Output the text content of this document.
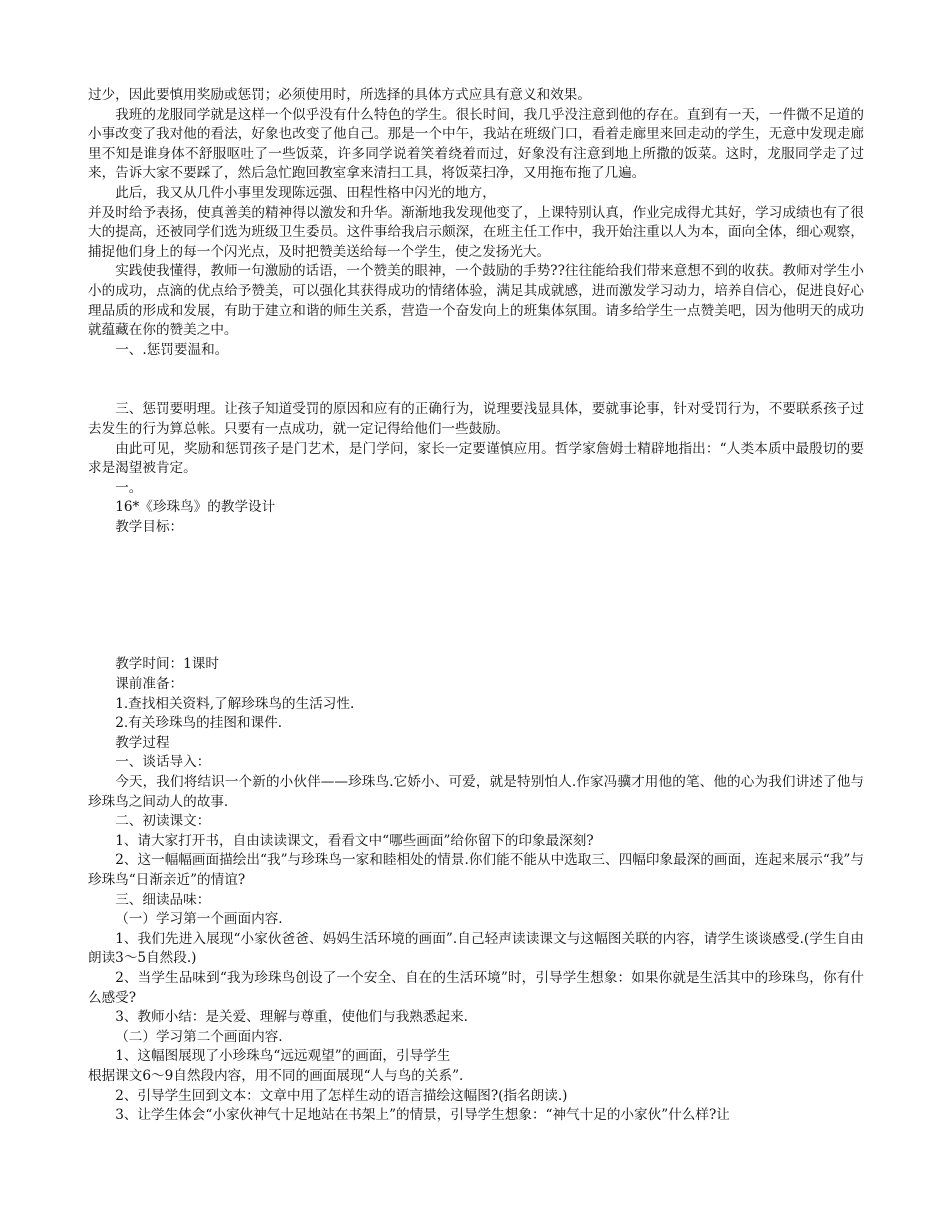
过少，因此要慎用奖励或惩罚；必须使用时，所选择的具体方式应具有意义和效果。

我班的龙服同学就是这样一个似乎没有什么特色的学生。很长时间，我几乎没注意到他的存在。直到有一天，一件微不足道的小事改变了我对他的看法，好象也改变了他自己。那是一个中午，我站在班级门口，看着走廊里来回走动的学生，无意中发现走廊里不知是谁身体不舒服呕吐了一些饭菜，许多同学说着笑着绕着而过，好象没有注意到地上所撒的饭菜。这时，龙服同学走了过来，告诉大家不要踩了，然后急忙跑回教室拿来清扫工具，将饭菜扫净，又用拖布拖了几遍。

此后，我又从几件小事里发现陈远强、田程性格中闪光的地方，

并及时给予表扬，使真善美的精神得以激发和升华。渐渐地我发现他变了，上课特别认真，作业完成得尤其好，学习成绩也有了很大的提高，还被同学们选为班级卫生委员。这件事给我启示颇深，在班主任工作中，我开始注重以人为本，面向全体，细心观察，捕捉他们身上的每一个闪光点，及时把赞美送给每一个学生，使之发扬光大。

实践使我懂得，教师一句激励的话语，一个赞美的眼神，一个鼓励的手势??往往能给我们带来意想不到的收获。教师对学生小小的成功，点滴的优点给予赞美，可以强化其获得成功的情绪体验，满足其成就感，进而激发学习动力，培养自信心，促进良好心理品质的形成和发展，有助于建立和谐的师生关系，营造一个奋发向上的班集体氛围。请多给学生一点赞美吧，因为他明天的成功就蕴藏在你的赞美之中。

一、.惩罚要温和。

三、惩罚要明理。让孩子知道受罚的原因和应有的正确行为，说理要浅显具体，要就事论事，针对受罚行为，不要联系孩子过去发生的行为算总帐。只要有一点成功，就一定记得给他们一些鼓励。

由此可见，奖励和惩罚孩子是门艺术，是门学问，家长一定要谨慎应用。哲学家詹姆士精辟地指出：“人类本质中最殷切的要求是渴望被肯定。

一。

16*《珍珠鸟》的教学设计

教学目标：

教学时间：1课时

课前准备：

1.查找相关资料,了解珍珠鸟的生活习性.

2.有关珍珠鸟的挂图和课件.

教学过程

一、谈话导入：

今天，我们将结识一个新的小伙伴——珍珠鸟.它娇小、可爱，就是特别怕人.作家冯骥才用他的笔、他的心为我们讲述了他与珍珠鸟之间动人的故事.

二、初读课文：

1、请大家打开书，自由读读课文，看看文中“哪些画面”给你留下的印象最深刻?

2、这一幅幅画面描绘出“我”与珍珠鸟一家和睦相处的情景.你们能不能从中选取三、四幅印象最深的画面，连起来展示“我”与珍珠鸟“日渐亲近”的情谊?

三、细读品味：

（一）学习第一个画面内容.

1、我们先进入展现“小家伙爸爸、妈妈生活环境的画面”.自己轻声读读课文与这幅图关联的内容，请学生谈谈感受.(学生自由朗读3～5自然段.)

2、当学生品味到“我为珍珠鸟创设了一个安全、自在的生活环境”时，引导学生想象：如果你就是生活其中的珍珠鸟，你有什么感受?

3、教师小结：是关爱、理解与尊重，使他们与我熟悉起来.

（二）学习第二个画面内容.

1、这幅图展现了小珍珠鸟“远远观望”的画面，引导学生

根据课文6～9自然段内容，用不同的画面展现“人与鸟的关系”.

2、引导学生回到文本：文章中用了怎样生动的语言描绘这幅图?(指名朗读.)

3、让学生体会“小家伙神气十足地站在书架上”的情景，引导学生想象：“神气十足的小家伙”什么样?让
